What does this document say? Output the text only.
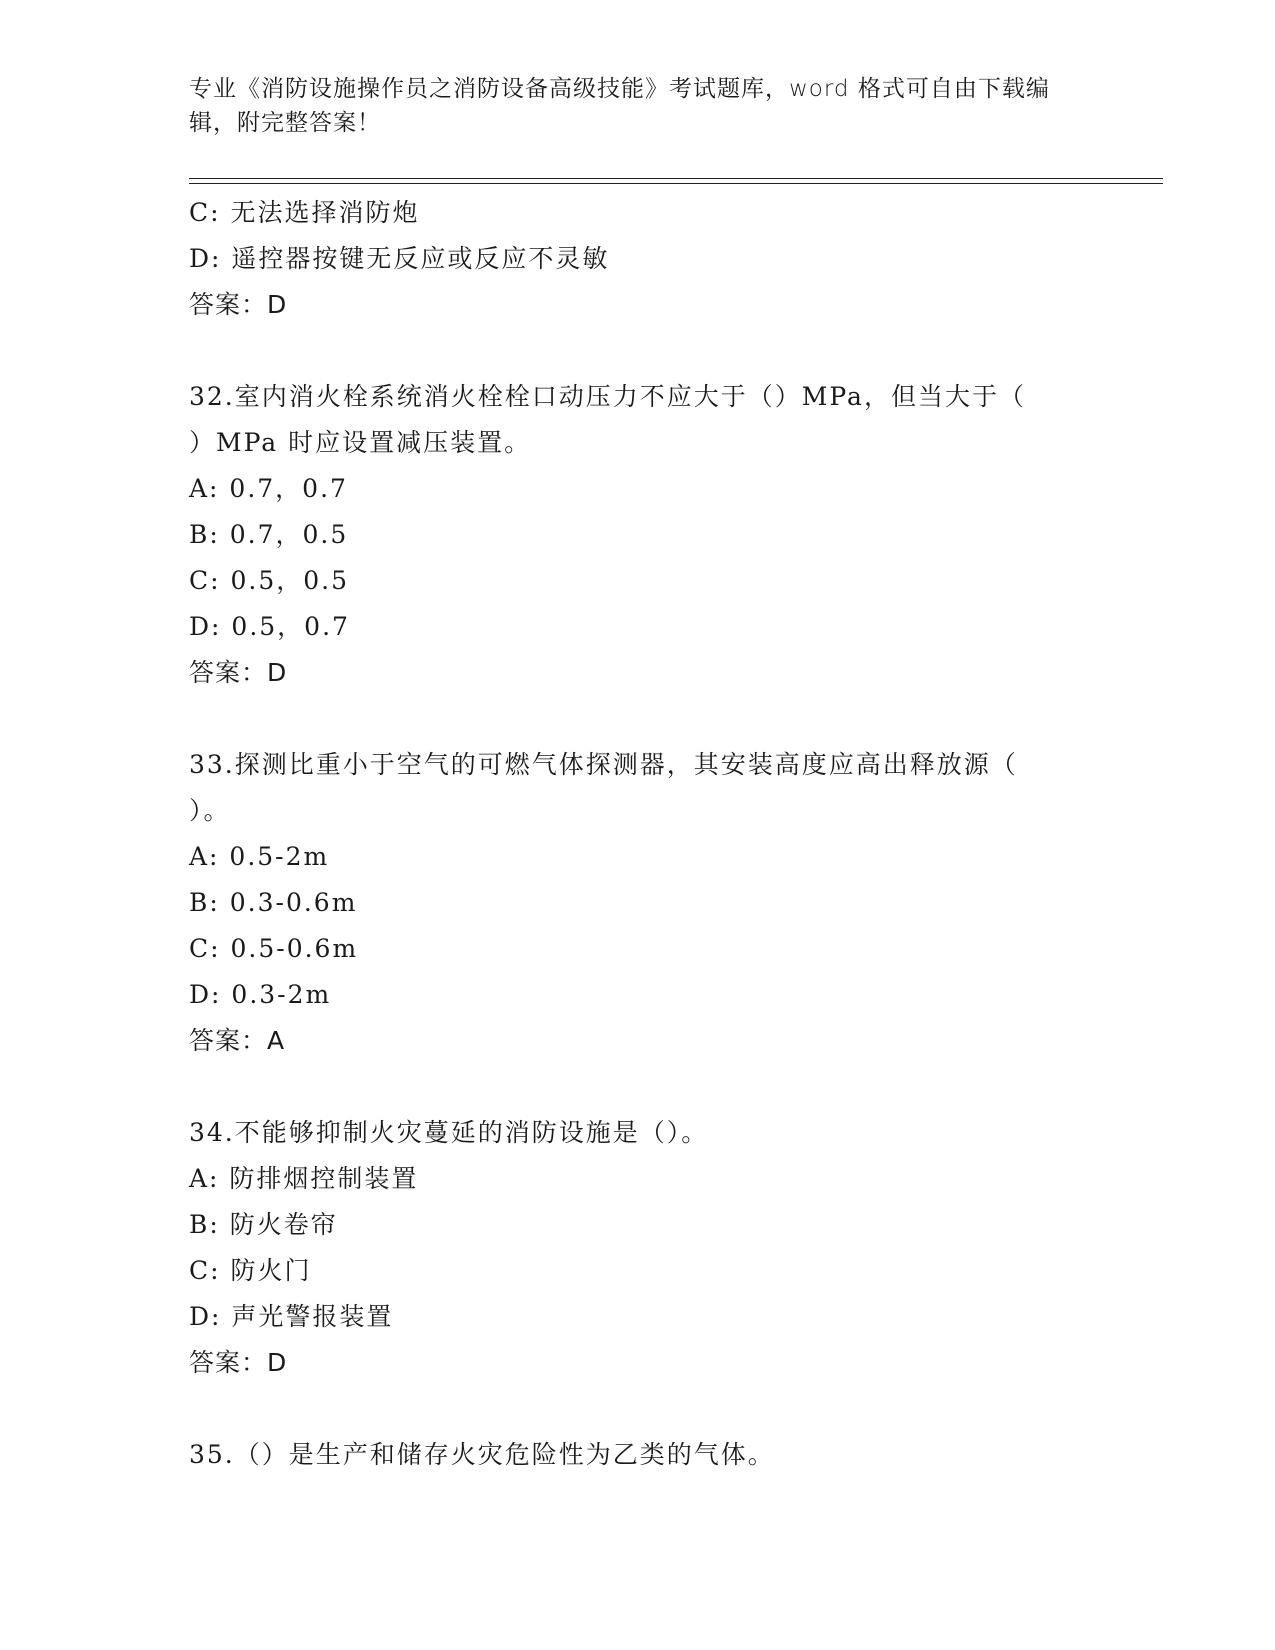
专业《消防设施操作员之消防设备高级技能》考试题库，word 格式可自由下载编
辑，附完整答案！
C: 无法选择消防炮
D: 遥控器按键无反应或反应不灵敏
答案：D
32.室内消火栓系统消火栓栓口动压力不应大于（）MPa，但当大于（
）MPa 时应设置减压装置。
A: 0.7，0.7
B: 0.7，0.5
C: 0.5，0.5
D: 0.5，0.7
答案：D
33.探测比重小于空气的可燃气体探测器，其安装高度应高出释放源（
）。
A: 0.5-2m
B: 0.3-0.6m
C: 0.5-0.6m
D: 0.3-2m
答案：A
34.不能够抑制火灾蔓延的消防设施是（）。
A: 防排烟控制装置
B: 防火卷帘
C: 防火门
D: 声光警报装置
答案：D
35.（）是生产和储存火灾危险性为乙类的气体。
